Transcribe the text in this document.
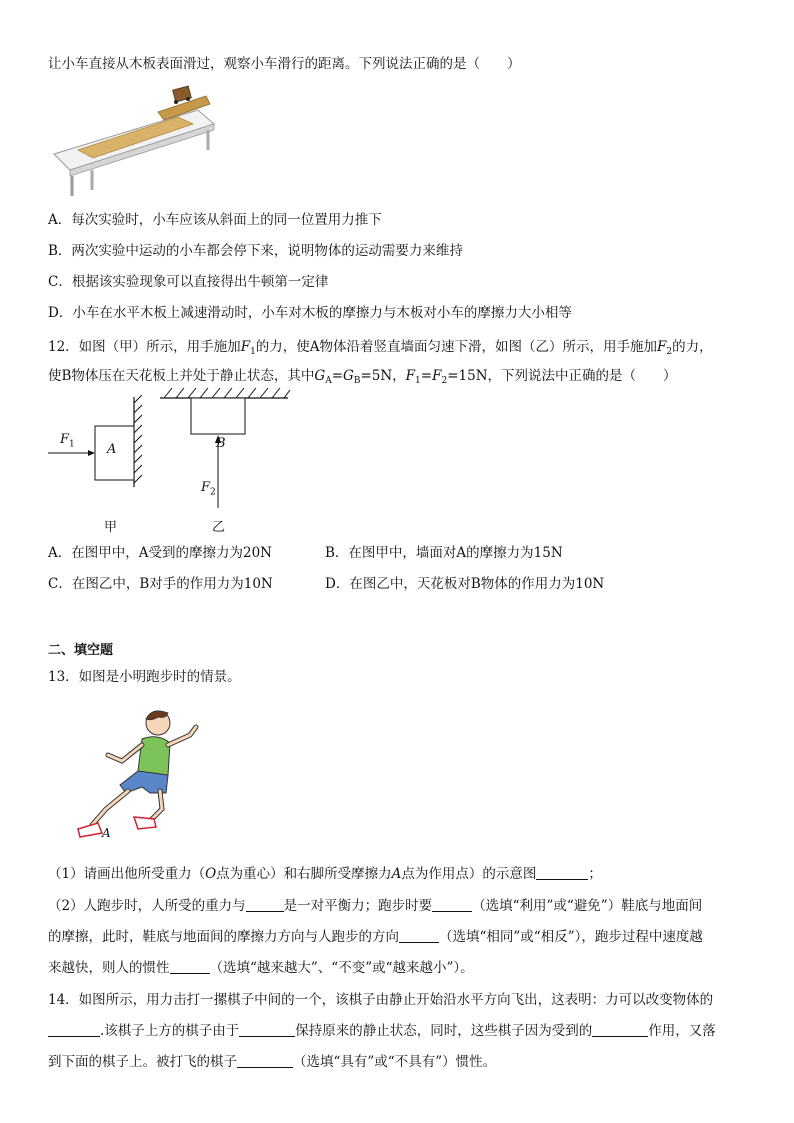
让小车直接从木板表面滑过，观察小车滑行的距离。下列说法正确的是（　　）
A．每次实验时，小车应该从斜面上的同一位置用力推下
B．两次实验中运动的小车都会停下来，说明物体的运动需要力来维持
C．根据该实验现象可以直接得出牛顿第一定律
D．小车在水平木板上减速滑动时，小车对木板的摩擦力与木板对小车的摩擦力大小相等
12．如图（甲）所示，用手施加$F_1$的力，使A物体沿着竖直墙面匀速下滑，如图（乙）所示，用手施加$F_2$的力，
使B物体压在天花板上并处于静止状态，其中$G_A=G_B=5N$，$F_1=F_2=15N$，下列说法中正确的是（　　）
$F_1$ A
甲
B
$F_2$
乙
A．在图甲中，A受到的摩擦力为20N	B．在图甲中，墙面对A的摩擦力为15N
C．在图乙中，B对手的作用力为10N	D．在图乙中，天花板对B物体的作用力为10N
二、填空题
13．如图是小明跑步时的情景。
A
（1）请画出他所受重力（O点为重心）和右脚所受摩擦力A点为作用点）的示意图	；
（2）人跑步时，人所受的重力与	是一对平衡力；跑步时要	（选填“利用”或“避免”）鞋底与地面间
的摩擦，此时，鞋底与地面间的摩擦力方向与人跑步的方向	（选填“相同”或“相反”），跑步过程中速度越
来越快，则人的惯性	（选填“越来越大”、“不变”或“越来越小”）。
14．如图所示，用力击打一摞棋子中间的一个，该棋子由静止开始沿水平方向飞出，这表明：力可以改变物体的
.该棋子上方的棋子由于	保持原来的静止状态，同时，这些棋子因为受到的	作用，又落
到下面的棋子上。被打飞的棋子	（选填“具有”或“不具有”）惯性。
